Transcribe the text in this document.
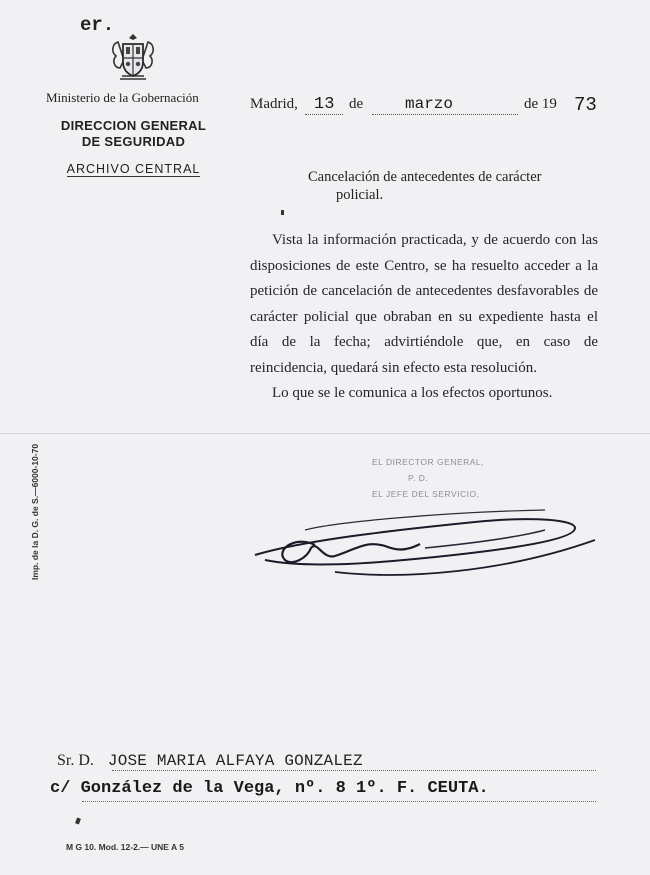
er.
Ministerio de la Gobernación
DIRECCION GENERAL
DE SEGURIDAD
ARCHIVO CENTRAL
Madrid, 13 de	marzo	de 19 73
Cancelación de antecedentes de carácter
policial.

Vista la información practicada, y de acuerdo con las disposiciones de este Centro, se ha resuelto acceder a la petición de cancelación de antecedentes desfavorables de carácter policial que obraban en su expediente hasta el día de la fecha; advirtiéndole que, en caso de reincidencia, quedará sin efecto esta resolución.

Lo que se le comunica a los efectos oportunos.

Imp. de la D. G. de S.—6000-10-70	EL DIRECTOR GENERAL,
P. D.
EL JEFE DEL SERVICIO,
Sr. D. JOSE MARIA ALFAYA GONZALEZ
c/ González de la Vega, nº. 8 1º. F. CEUTA.
M G 10. Mod. 12-2.— UNE A 5
